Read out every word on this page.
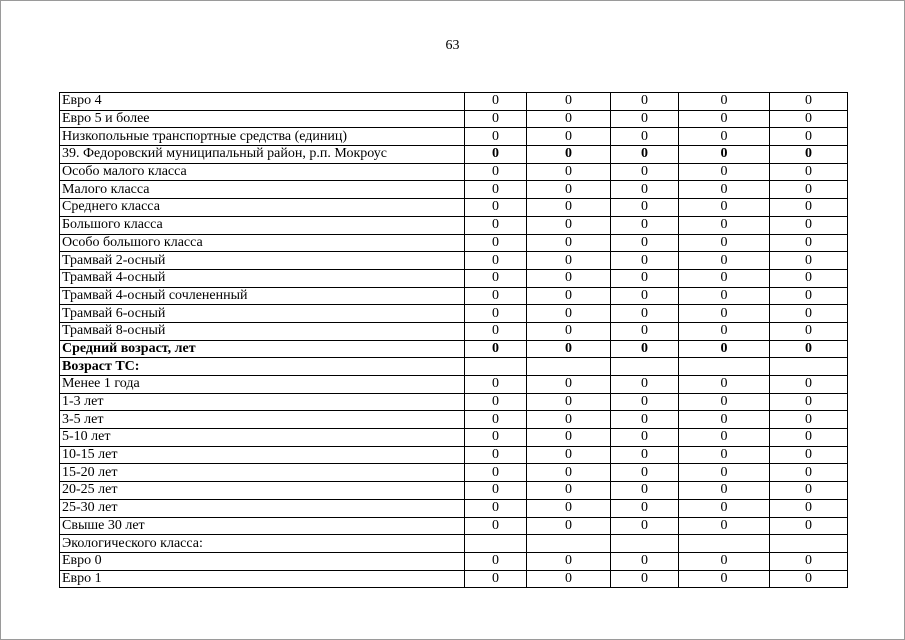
63
Евро 4	0	0	0	0	0
Евро 5 и более	0	0	0	0	0
Низкопольные транспортные средства (единиц)	0	0	0	0	0
39. Федоровский муниципальный район, р.п. Мокроус	0	0	0	0	0
Особо малого класса	0	0	0	0	0
Малого класса	0	0	0	0	0
Среднего класса	0	0	0	0	0
Большого класса	0	0	0	0	0
Особо большого класса	0	0	0	0	0
Трамвай 2-осный	0	0	0	0	0
Трамвай 4-осный	0	0	0	0	0
Трамвай 4-осный сочлененный	0	0	0	0	0
Трамвай 6-осный	0	0	0	0	0
Трамвай 8-осный	0	0	0	0	0
Средний возраст, лет	0	0	0	0	0
Возраст ТС:					
Менее 1 года	0	0	0	0	0
1-3 лет	0	0	0	0	0
3-5 лет	0	0	0	0	0
5-10 лет	0	0	0	0	0
10-15 лет	0	0	0	0	0
15-20 лет	0	0	0	0	0
20-25 лет	0	0	0	0	0
25-30 лет	0	0	0	0	0
Свыше 30 лет	0	0	0	0	0
Экологического класса:					
Евро 0	0	0	0	0	0
Евро 1	0	0	0	0	0
